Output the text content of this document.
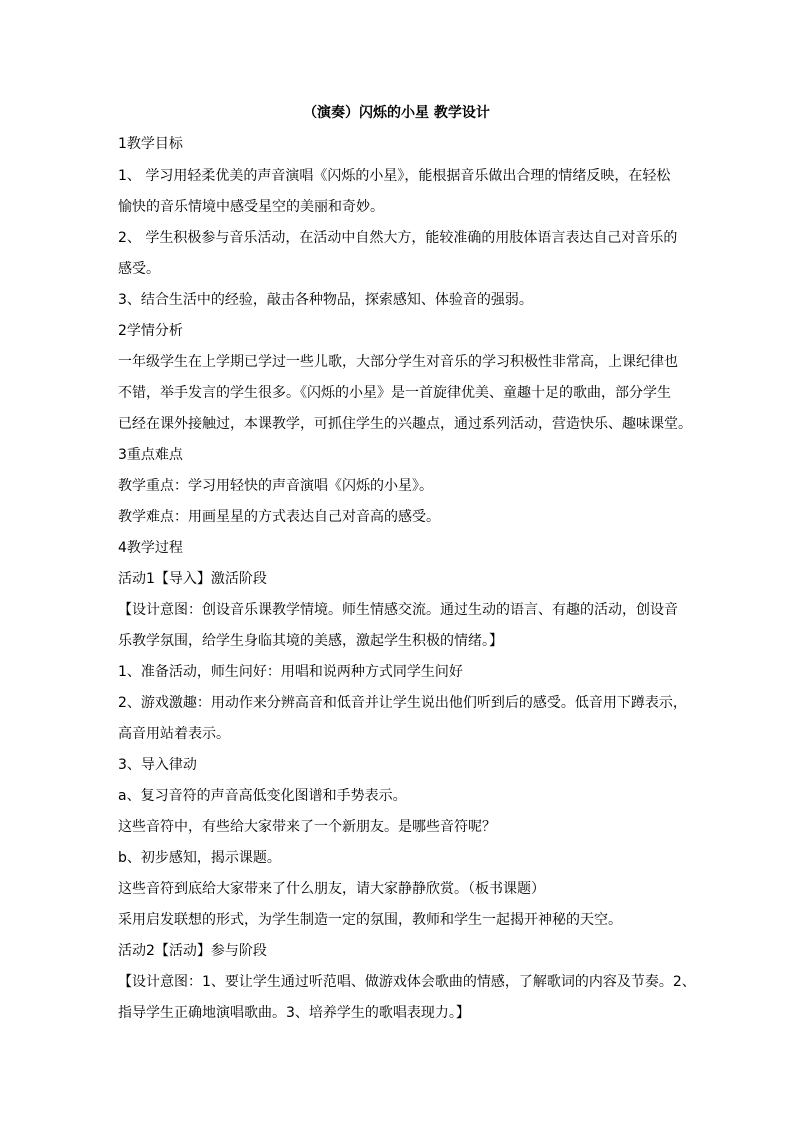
（演奏）闪烁的小星 教学设计
1教学目标
1、 学习用轻柔优美的声音演唱《闪烁的小星》，能根据音乐做出合理的情绪反映，在轻松
愉快的音乐情境中感受星空的美丽和奇妙。
2、 学生积极参与音乐活动，在活动中自然大方，能较准确的用肢体语言表达自己对音乐的
感受。
3、结合生活中的经验，敲击各种物品，探索感知、体验音的强弱。
2学情分析
一年级学生在上学期已学过一些儿歌，大部分学生对音乐的学习积极性非常高，上课纪律也
不错，举手发言的学生很多。《闪烁的小星》是一首旋律优美、童趣十足的歌曲，部分学生
已经在课外接触过，本课教学，可抓住学生的兴趣点，通过系列活动，营造快乐、趣味课堂。
3重点难点
教学重点：学习用轻快的声音演唱《闪烁的小星》。
教学难点：用画星星的方式表达自己对音高的感受。
4教学过程
活动1【导入】激活阶段
【设计意图：创设音乐课教学情境。师生情感交流。通过生动的语言、有趣的活动，创设音
乐教学氛围，给学生身临其境的美感，激起学生积极的情绪。】
1、准备活动，师生问好：用唱和说两种方式同学生问好
2、游戏激趣：用动作来分辨高音和低音并让学生说出他们听到后的感受。低音用下蹲表示，
高音用站着表示。
3、导入律动
a、复习音符的声音高低变化图谱和手势表示。
这些音符中，有些给大家带来了一个新朋友。是哪些音符呢？
b、初步感知，揭示课题。
这些音符到底给大家带来了什么朋友，请大家静静欣赏。（板书课题）
采用启发联想的形式，为学生制造一定的氛围，教师和学生一起揭开神秘的天空。
活动2【活动】参与阶段
【设计意图：1、要让学生通过听范唱、做游戏体会歌曲的情感，了解歌词的内容及节奏。2、
指导学生正确地演唱歌曲。3、培养学生的歌唱表现力。】
